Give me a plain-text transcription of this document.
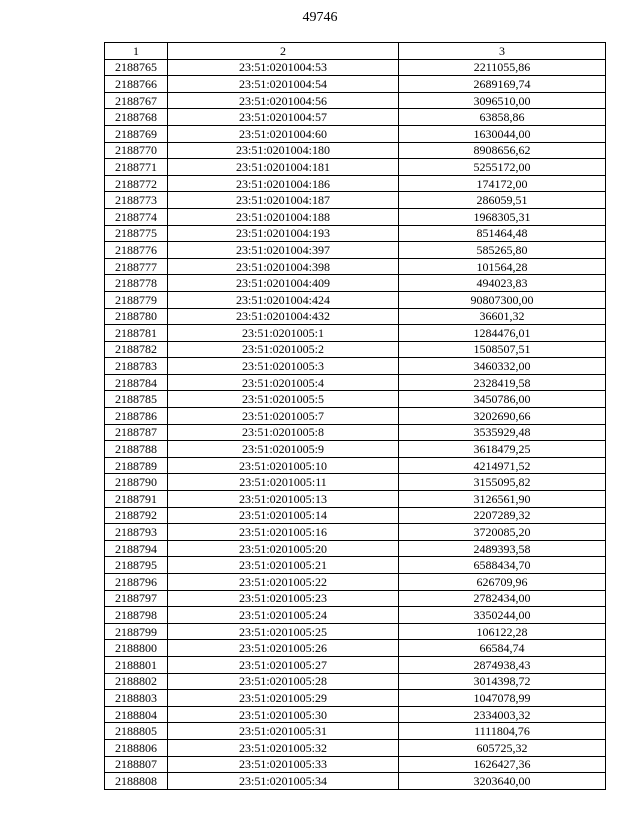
49746
1	2	3
2188765	23:51:0201004:53	2211055,86
2188766	23:51:0201004:54	2689169,74
2188767	23:51:0201004:56	3096510,00
2188768	23:51:0201004:57	63858,86
2188769	23:51:0201004:60	1630044,00
2188770	23:51:0201004:180	8908656,62
2188771	23:51:0201004:181	5255172,00
2188772	23:51:0201004:186	174172,00
2188773	23:51:0201004:187	286059,51
2188774	23:51:0201004:188	1968305,31
2188775	23:51:0201004:193	851464,48
2188776	23:51:0201004:397	585265,80
2188777	23:51:0201004:398	101564,28
2188778	23:51:0201004:409	494023,83
2188779	23:51:0201004:424	90807300,00
2188780	23:51:0201004:432	36601,32
2188781	23:51:0201005:1	1284476,01
2188782	23:51:0201005:2	1508507,51
2188783	23:51:0201005:3	3460332,00
2188784	23:51:0201005:4	2328419,58
2188785	23:51:0201005:5	3450786,00
2188786	23:51:0201005:7	3202690,66
2188787	23:51:0201005:8	3535929,48
2188788	23:51:0201005:9	3618479,25
2188789	23:51:0201005:10	4214971,52
2188790	23:51:0201005:11	3155095,82
2188791	23:51:0201005:13	3126561,90
2188792	23:51:0201005:14	2207289,32
2188793	23:51:0201005:16	3720085,20
2188794	23:51:0201005:20	2489393,58
2188795	23:51:0201005:21	6588434,70
2188796	23:51:0201005:22	626709,96
2188797	23:51:0201005:23	2782434,00
2188798	23:51:0201005:24	3350244,00
2188799	23:51:0201005:25	106122,28
2188800	23:51:0201005:26	66584,74
2188801	23:51:0201005:27	2874938,43
2188802	23:51:0201005:28	3014398,72
2188803	23:51:0201005:29	1047078,99
2188804	23:51:0201005:30	2334003,32
2188805	23:51:0201005:31	1111804,76
2188806	23:51:0201005:32	605725,32
2188807	23:51:0201005:33	1626427,36
2188808	23:51:0201005:34	3203640,00
